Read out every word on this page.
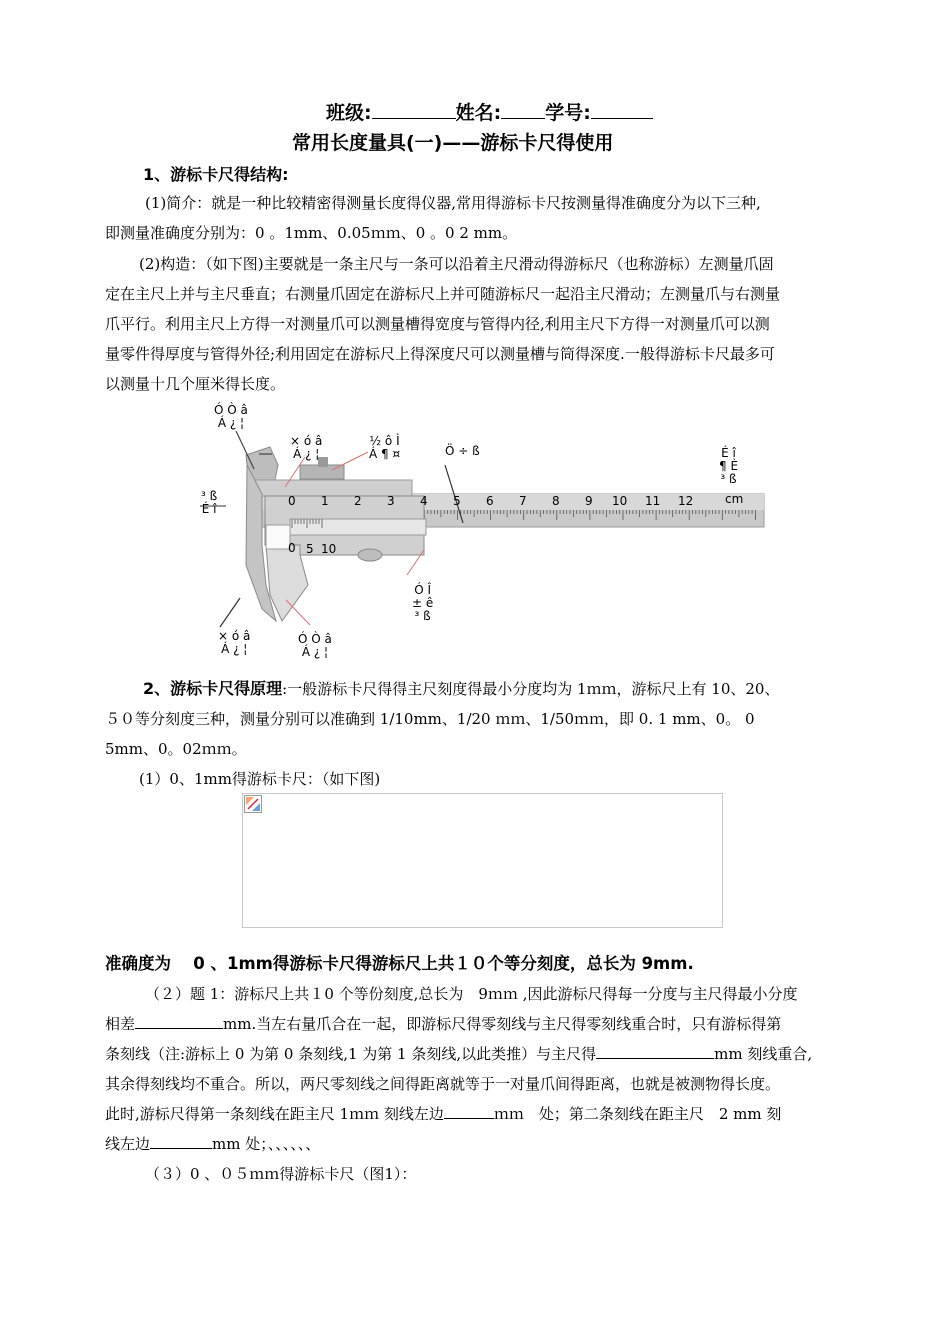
班级:	姓名: 学号:
常用长度量具(一)——游标卡尺得使用
1、游标卡尺得结构:
(1)简介：就是一种比较精密得测量长度得仪器,常用得游标卡尺按测量得准确度分为以下三种,
即测量准确度分别为：0 。1mm、0.05ｍｍ、0 。0 2 mm。
(2)构造：（如下图)主要就是一条主尺与一条可以沿着主尺滑动得游标尺（也称游标）左测量爪固
定在主尺上并与主尺垂直；右测量爪固定在游标尺上并可随游标尺一起沿主尺滑动；左测量爪与右测量
爪平行。利用主尺上方得一对测量爪可以测量槽得宽度与管得内径,利用主尺下方得一对测量爪可以测
量零件得厚度与管得外径;利用固定在游标尺上得深度尺可以测量槽与筒得深度.一般得游标卡尺最多可
以测量十几个厘米得长度。
0 1 2 3 4 5 6 7 8 9 10 11 12	cm
0 5 10
Ó Ò â
Á ¿ ¦
× ó â
Á ¿ ¦
½ ô Ì
Á ¶ ¤	Ö ÷ ß	É î
¶ È
³ ß
³ ß
É î
Ó Î
± ê
³ ß
× ó â
Á ¿ ¦
Ó Ò â
Á ¿ ¦
2、游标卡尺得原理:一般游标卡尺得得主尺刻度得最小分度均为 1ｍｍ，游标尺上有 10、20、
５０等分刻度三种，测量分别可以准确到 1/10mm、1/20 ｍｍ、1/50ｍｍ，即 0. 1 mm、0。 0
5mm、0。02ｍｍ。
(1）0、1mm得游标卡尺：（如下图)
准确度为　 0 、1mm得游标卡尺得游标尺上共１０个等分刻度，总长为 9mm.
（２）题 1：游标尺上共１0 个等份刻度,总长为　9ｍｍ ,因此游标尺得每一分度与主尺得最小分度
相差	mm.当左右量爪合在一起，即游标尺得零刻线与主尺得零刻线重合时，只有游标得第
条刻线（注:游标上 0 为第 0 条刻线,1 为第 1 条刻线,以此类推）与主尺得	mm 刻线重合,
其余得刻线均不重合。所以，两尺零刻线之间得距离就等于一对量爪间得距离，也就是被测物得长度。
此时,游标尺得第一条刻线在距主尺 1ｍｍ 刻线左边	ｍｍ　处；第二条刻线在距主尺　2 mm 刻
线左边	mm 处；、、、、、、
（３）0 、０５ｍｍ得游标卡尺（图1）：
